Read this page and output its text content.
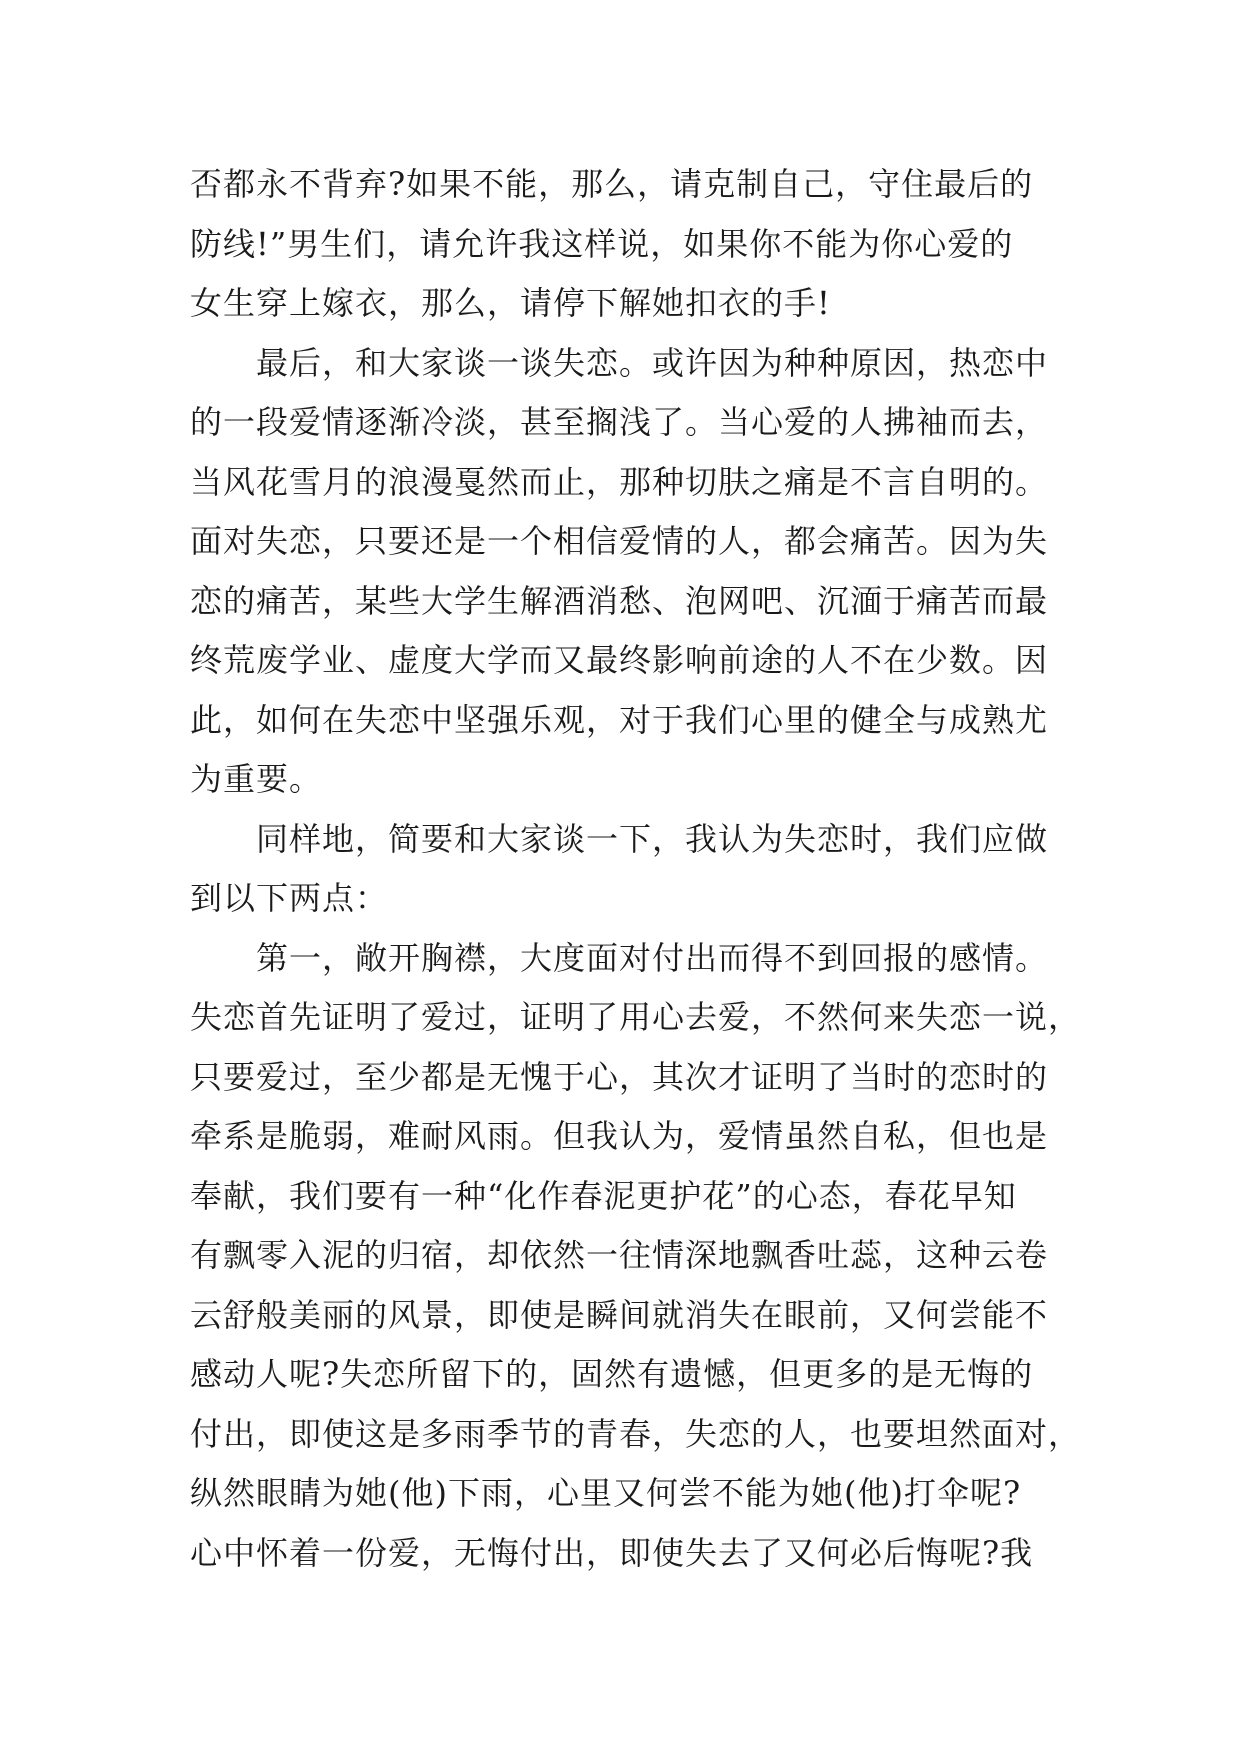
否都永不背弃?如果不能，那么，请克制自己，守住最后的
防线!”男生们，请允许我这样说，如果你不能为你心爱的
女生穿上嫁衣，那么，请停下解她扣衣的手!
最后，和大家谈一谈失恋。或许因为种种原因，热恋中
的一段爱情逐渐冷淡，甚至搁浅了。当心爱的人拂袖而去，
当风花雪月的浪漫戛然而止，那种切肤之痛是不言自明的。
面对失恋，只要还是一个相信爱情的人，都会痛苦。因为失
恋的痛苦，某些大学生解酒消愁、泡网吧、沉湎于痛苦而最
终荒废学业、虚度大学而又最终影响前途的人不在少数。因
此，如何在失恋中坚强乐观，对于我们心里的健全与成熟尤
为重要。
同样地，简要和大家谈一下，我认为失恋时，我们应做
到以下两点：
第一，敞开胸襟，大度面对付出而得不到回报的感情。
失恋首先证明了爱过，证明了用心去爱，不然何来失恋一说，
只要爱过，至少都是无愧于心，其次才证明了当时的恋时的
牵系是脆弱，难耐风雨。但我认为，爱情虽然自私，但也是
奉献，我们要有一种“化作春泥更护花”的心态，春花早知
有飘零入泥的归宿，却依然一往情深地飘香吐蕊，这种云卷
云舒般美丽的风景，即使是瞬间就消失在眼前，又何尝能不
感动人呢?失恋所留下的，固然有遗憾，但更多的是无悔的
付出，即使这是多雨季节的青春，失恋的人，也要坦然面对，
纵然眼睛为她(他)下雨，心里又何尝不能为她(他)打伞呢?
心中怀着一份爱，无悔付出，即使失去了又何必后悔呢?我
